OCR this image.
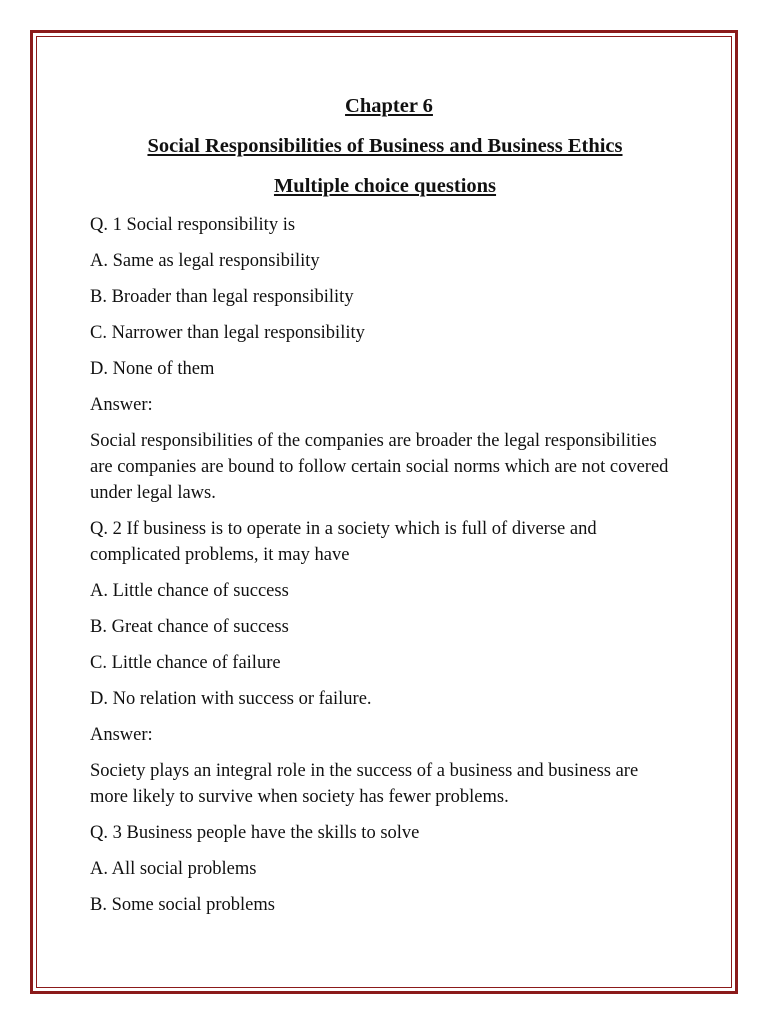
Chapter 6
Social Responsibilities of Business and Business Ethics
Multiple choice questions
Q. 1 Social responsibility is
A. Same as legal responsibility
B. Broader than legal responsibility
C. Narrower than legal responsibility
D. None of them
Answer:
Social responsibilities of the companies are broader the legal responsibilities are companies are bound to follow certain social norms which are not covered under legal laws.
Q. 2 If business is to operate in a society which is full of diverse and complicated problems, it may have
A. Little chance of success
B. Great chance of success
C. Little chance of failure
D. No relation with success or failure.
Answer:
Society plays an integral role in the success of a business and business are more likely to survive when society has fewer problems.
Q. 3 Business people have the skills to solve
A. All social problems
B. Some social problems
